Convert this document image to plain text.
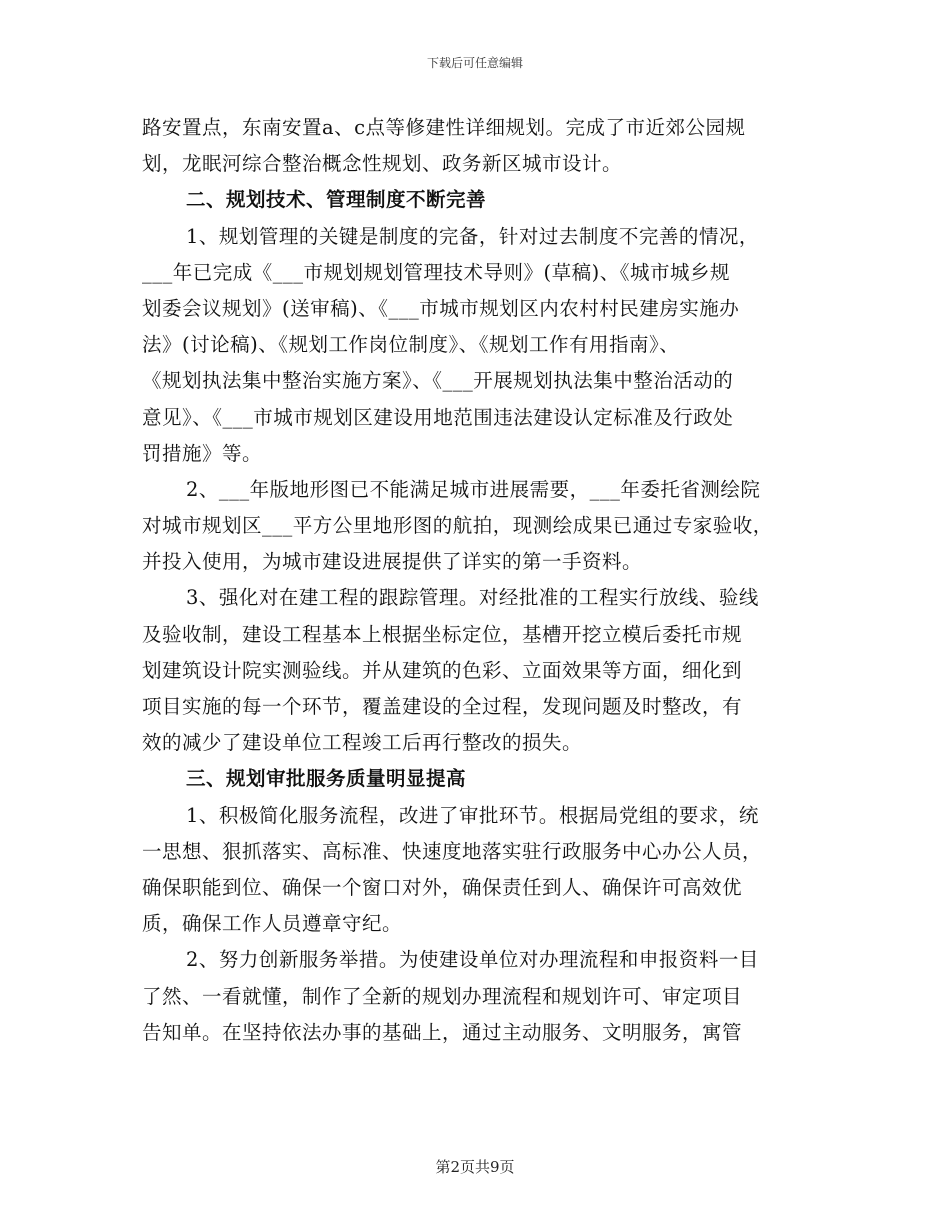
下载后可任意编辑
路安置点，东南安置a、c点等修建性详细规划。完成了市近郊公园规
划，龙眠河综合整治概念性规划、政务新区城市设计。
二、规划技术、管理制度不断完善
1、规划管理的关键是制度的完备，针对过去制度不完善的情况，
___年已完成《___市规划规划管理技术导则》(草稿)、《城市城乡规
划委会议规划》(送审稿)、《___市城市规划区内农村村民建房实施办
法》(讨论稿)、《规划工作岗位制度》、《规划工作有用指南》、
《规划执法集中整治实施方案》、《___开展规划执法集中整治活动的
意见》、《___市城市规划区建设用地范围违法建设认定标准及行政处
罚措施》等。
2、___年版地形图已不能满足城市进展需要，___年委托省测绘院
对城市规划区___平方公里地形图的航拍，现测绘成果已通过专家验收，
并投入使用，为城市建设进展提供了详实的第一手资料。
3、强化对在建工程的跟踪管理。对经批准的工程实行放线、验线
及验收制，建设工程基本上根据坐标定位，基槽开挖立模后委托市规
划建筑设计院实测验线。并从建筑的色彩、立面效果等方面，细化到
项目实施的每一个环节，覆盖建设的全过程，发现问题及时整改，有
效的减少了建设单位工程竣工后再行整改的损失。
三、规划审批服务质量明显提高
1、积极简化服务流程，改进了审批环节。根据局党组的要求，统
一思想、狠抓落实、高标准、快速度地落实驻行政服务中心办公人员，
确保职能到位、确保一个窗口对外，确保责任到人、确保许可高效优
质，确保工作人员遵章守纪。
2、努力创新服务举措。为使建设单位对办理流程和申报资料一目
了然、一看就懂，制作了全新的规划办理流程和规划许可、审定项目
告知单。在坚持依法办事的基础上，通过主动服务、文明服务，寓管
第2页共9页
